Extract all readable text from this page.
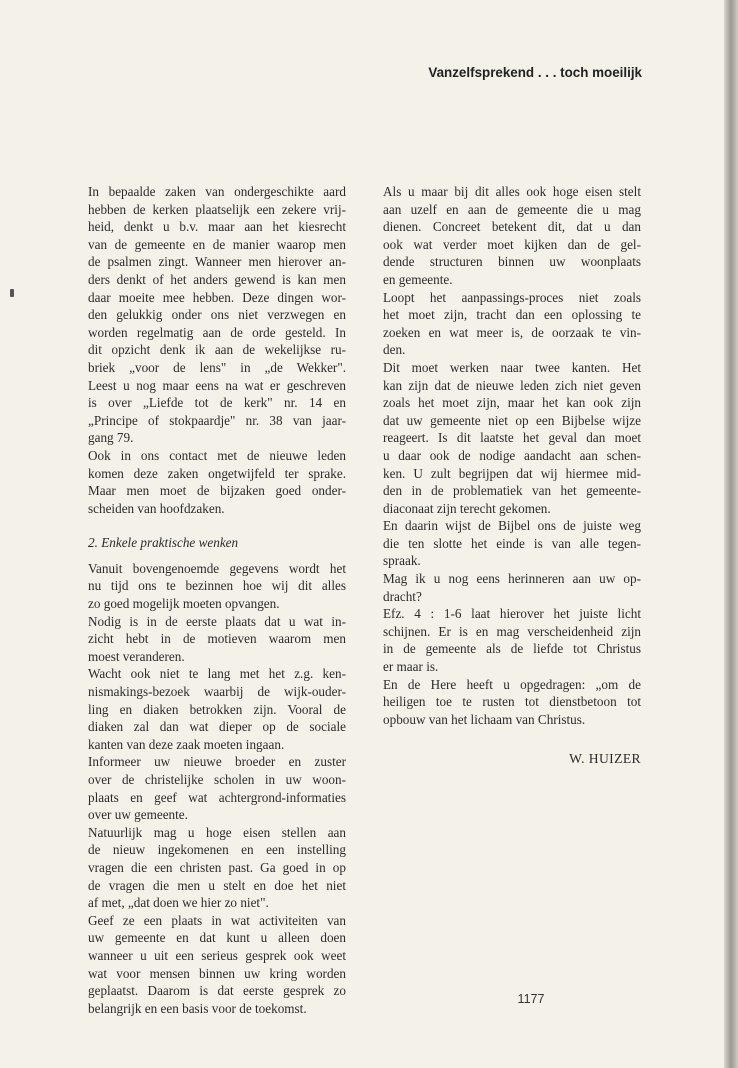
Vanzelfsprekend . . . toch moeilijk
In bepaalde zaken van ondergeschikte aard
hebben de kerken plaatselijk een zekere vrij-
heid, denkt u b.v. maar aan het kiesrecht
van de gemeente en de manier waarop men
de psalmen zingt. Wanneer men hierover an-
ders denkt of het anders gewend is kan men
daar moeite mee hebben. Deze dingen wor-
den gelukkig onder ons niet verzwegen en
worden regelmatig aan de orde gesteld. In
dit opzicht denk ik aan de wekelijkse ru-
briek „voor de lens" in „de Wekker".
Leest u nog maar eens na wat er geschreven
is over „Liefde tot de kerk" nr. 14 en
„Principe of stokpaardje" nr. 38 van jaar-
gang 79.
Ook in ons contact met de nieuwe leden
komen deze zaken ongetwijfeld ter sprake.
Maar men moet de bijzaken goed onder-
scheiden van hoofdzaken.
2. Enkele praktische wenken
Vanuit bovengenoemde gegevens wordt het
nu tijd ons te bezinnen hoe wij dit alles
zo goed mogelijk moeten opvangen.
Nodig is in de eerste plaats dat u wat in-
zicht hebt in de motieven waarom men
moest veranderen.
Wacht ook niet te lang met het z.g. ken-
nismakings-bezoek waarbij de wijk-ouder-
ling en diaken betrokken zijn. Vooral de
diaken zal dan wat dieper op de sociale
kanten van deze zaak moeten ingaan.
Informeer uw nieuwe broeder en zuster
over de christelijke scholen in uw woon-
plaats en geef wat achtergrond-informaties
over uw gemeente.
Natuurlijk mag u hoge eisen stellen aan
de nieuw ingekomenen en een instelling
vragen die een christen past. Ga goed in op
de vragen die men u stelt en doe het niet
af met, „dat doen we hier zo niet".
Geef ze een plaats in wat activiteiten van
uw gemeente en dat kunt u alleen doen
wanneer u uit een serieus gesprek ook weet
wat voor mensen binnen uw kring worden
geplaatst. Daarom is dat eerste gesprek zo
belangrijk en een basis voor de toekomst.
Als u maar bij dit alles ook hoge eisen stelt
aan uzelf en aan de gemeente die u mag
dienen. Concreet betekent dit, dat u dan
ook wat verder moet kijken dan de gel-
dende structuren binnen uw woonplaats
en gemeente.
Loopt het aanpassings-proces niet zoals
het moet zijn, tracht dan een oplossing te
zoeken en wat meer is, de oorzaak te vin-
den.
Dit moet werken naar twee kanten. Het
kan zijn dat de nieuwe leden zich niet geven
zoals het moet zijn, maar het kan ook zijn
dat uw gemeente niet op een Bijbelse wijze
reageert. Is dit laatste het geval dan moet
u daar ook de nodige aandacht aan schen-
ken. U zult begrijpen dat wij hiermee mid-
den in de problematiek van het gemeente-
diaconaat zijn terecht gekomen.
En daarin wijst de Bijbel ons de juiste weg
die ten slotte het einde is van alle tegen-
spraak.
Mag ik u nog eens herinneren aan uw op-
dracht?
Efz. 4 : 1-6 laat hierover het juiste licht
schijnen. Er is en mag verscheidenheid zijn
in de gemeente als de liefde tot Christus
er maar is.
En de Here heeft u opgedragen: „om de
heiligen toe te rusten tot dienstbetoon tot
opbouw van het lichaam van Christus.
W. HUIZER
1177
